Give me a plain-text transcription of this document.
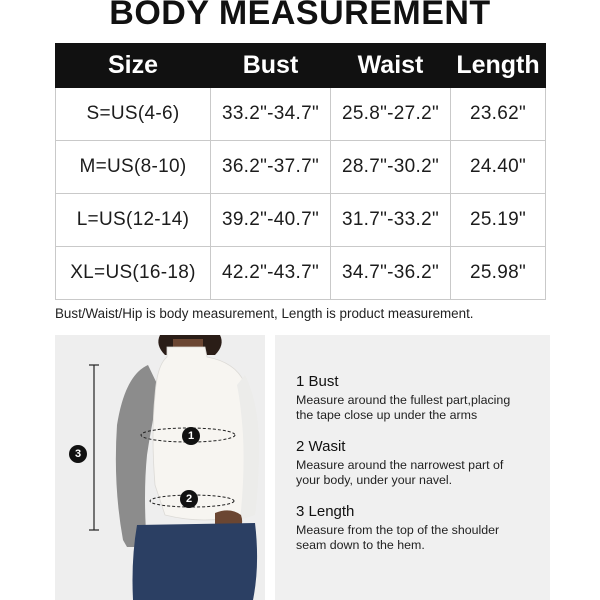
BODY MEASUREMENT
Size	Bust	Waist	Length
S=US(4-6)	33.2"-34.7"	25.8"-27.2"	23.62"
M=US(8-10)	36.2"-37.7"	28.7"-30.2"	24.40"
L=US(12-14)	39.2"-40.7"	31.7"-33.2"	25.19"
XL=US(16-18)	42.2"-43.7"	34.7"-36.2"	25.98"
Bust/Waist/Hip is body measurement, Length is product measurement.
1
2
3
1 Bust
Measure around the fullest part,placing
the tape close up under the arms
2 Wasit
Measure around the narrowest part of
your body, under your navel.
3 Length
Measure from the top of the shoulder
seam down to the hem.
